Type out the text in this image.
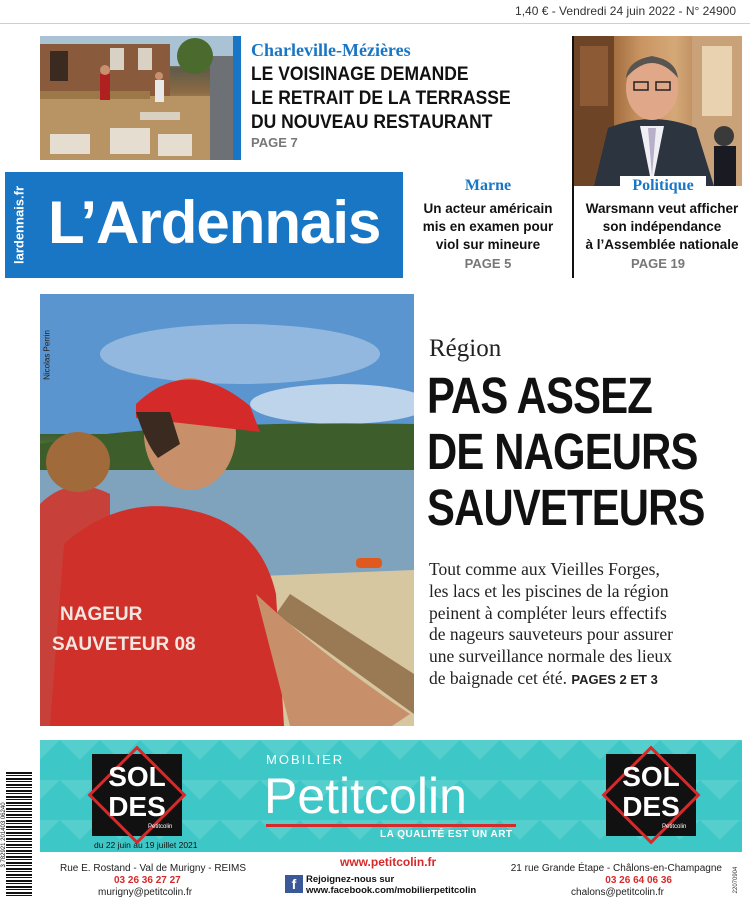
1,40 € - Vendredi 24 juin 2022 - N° 24900
Charleville-Mézières
LE VOISINAGE DEMANDE
LE RETRAIT DE LA TERRASSE
DU NOUVEAU RESTAURANT
PAGE 7
lardennais.fr L’Ardennais
Marne
Un acteur américain
mis en examen pour
viol sur mineure
PAGE 5
Politique
Warsmann veut afficher
son indépendance
à l’Assemblée nationale
PAGE 19
NAGEUR
SAUVETEUR 08
Nicolas Perrin	Région
PAS ASSEZ
DE NAGEURS
SAUVETEURS
Tout comme aux Vieilles Forges,
les lacs et les piscines de la région
peinent à compléter leurs effectifs
de nageurs sauveteurs pour assurer
une surveillance normale des lieux
de baignade cet été. PAGES 2 ET 3
SOL
DES
Petitcolin
du 22 juin au 19 juillet 2021
MOBILIER
Petitcolin
LA QUALITÉ EST UN ART
SOL
DES
Petitcolin
Rue E. Rostand - Val de Murigny - REIMS
03 26 36 27 27
murigny@petitcolin.fr
www.petitcolin.fr
f	Rejoignez-nous sur
www.facebook.com/mobilierpetitcolin
21 rue Grande Étape - Châlons-en-Champagne
03 26 64 06 36
chalons@petitcolin.fr
3 782921 201403 06240
22070904
